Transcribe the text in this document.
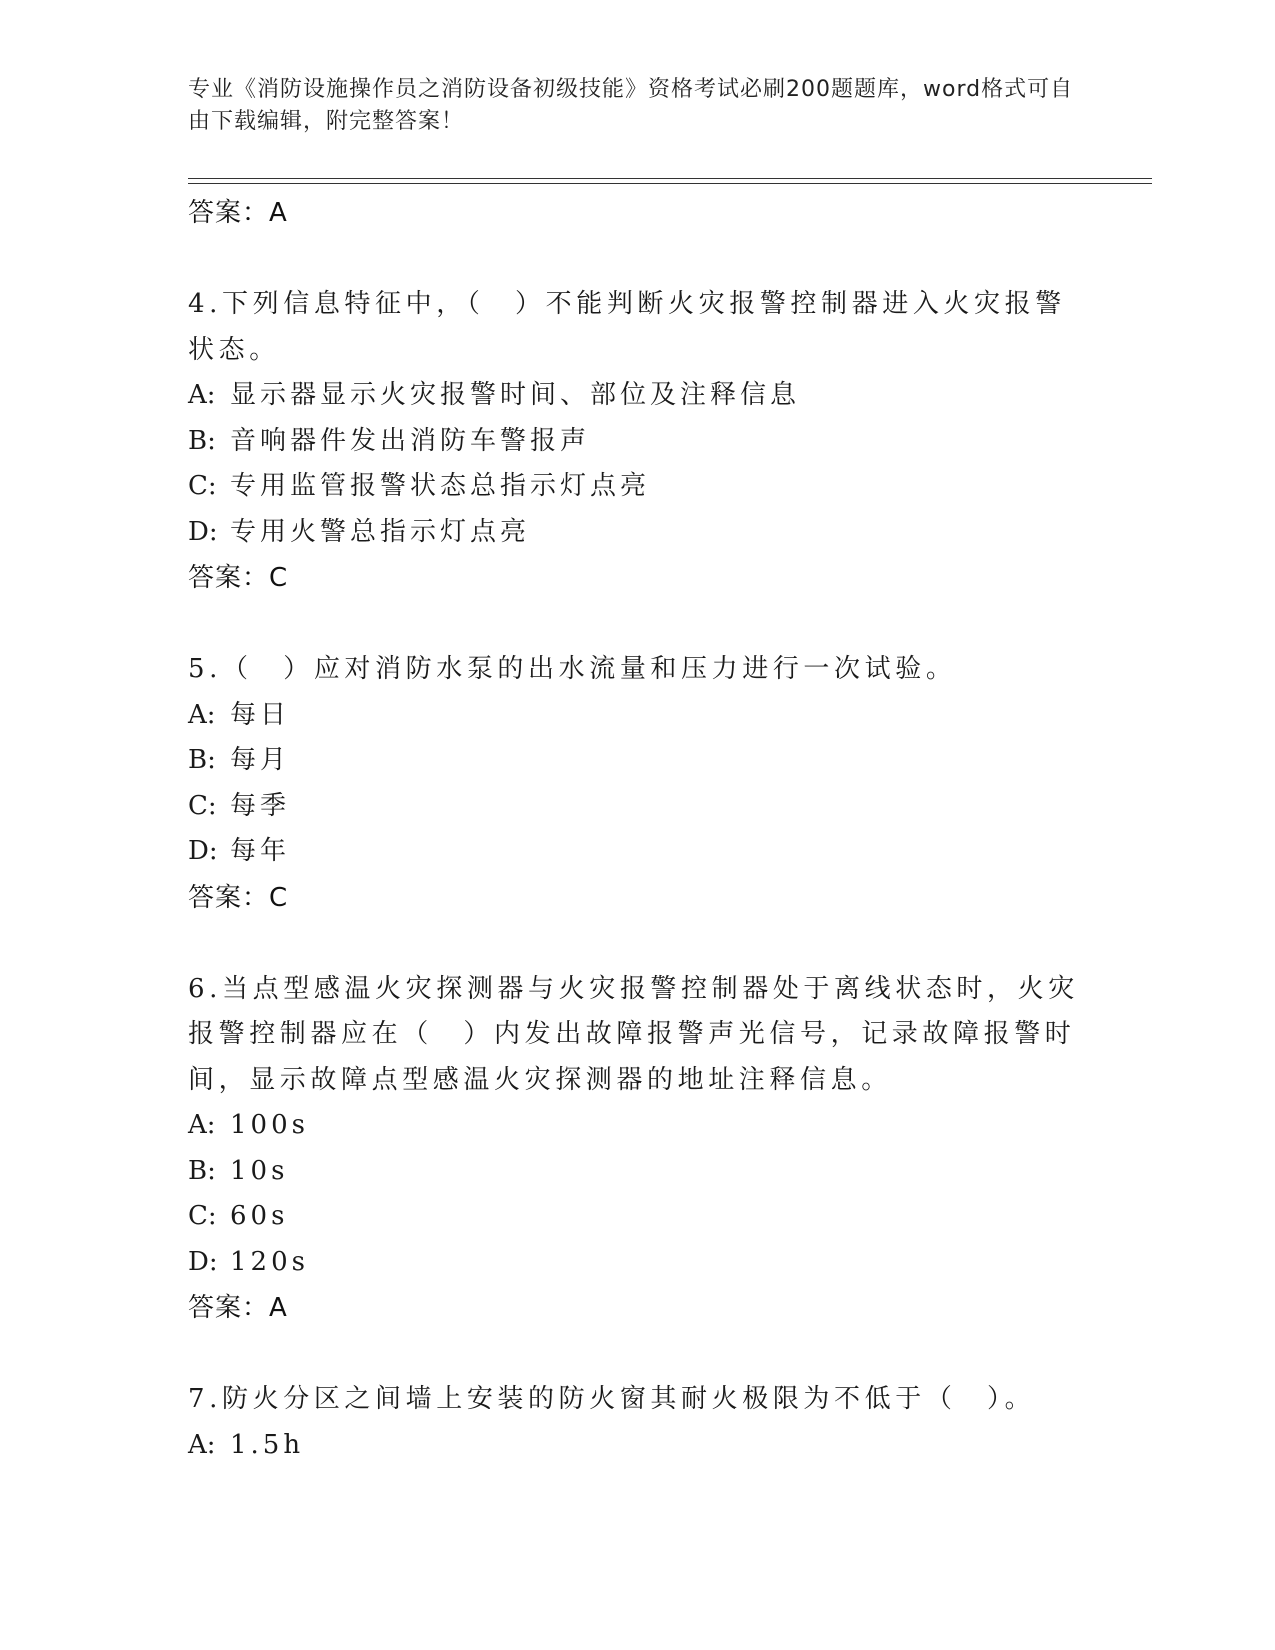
专业《消防设施操作员之消防设备初级技能》资格考试必刷200题题库，word格式可自由下载编辑，附完整答案！
答案：A
4.下列信息特征中，（　）不能判断火灾报警控制器进入火灾报警状态。
A: 显示器显示火灾报警时间、部位及注释信息
B: 音响器件发出消防车警报声
C: 专用监管报警状态总指示灯点亮
D: 专用火警总指示灯点亮
答案：C
5.（　）应对消防水泵的出水流量和压力进行一次试验。
A: 每日
B: 每月
C: 每季
D: 每年
答案：C
6.当点型感温火灾探测器与火灾报警控制器处于离线状态时，火灾报警控制器应在（　）内发出故障报警声光信号，记录故障报警时间，显示故障点型感温火灾探测器的地址注释信息。
A: 100s
B: 10s
C: 60s
D: 120s
答案：A
7.防火分区之间墙上安装的防火窗其耐火极限为不低于（　）。
A: 1.5h
